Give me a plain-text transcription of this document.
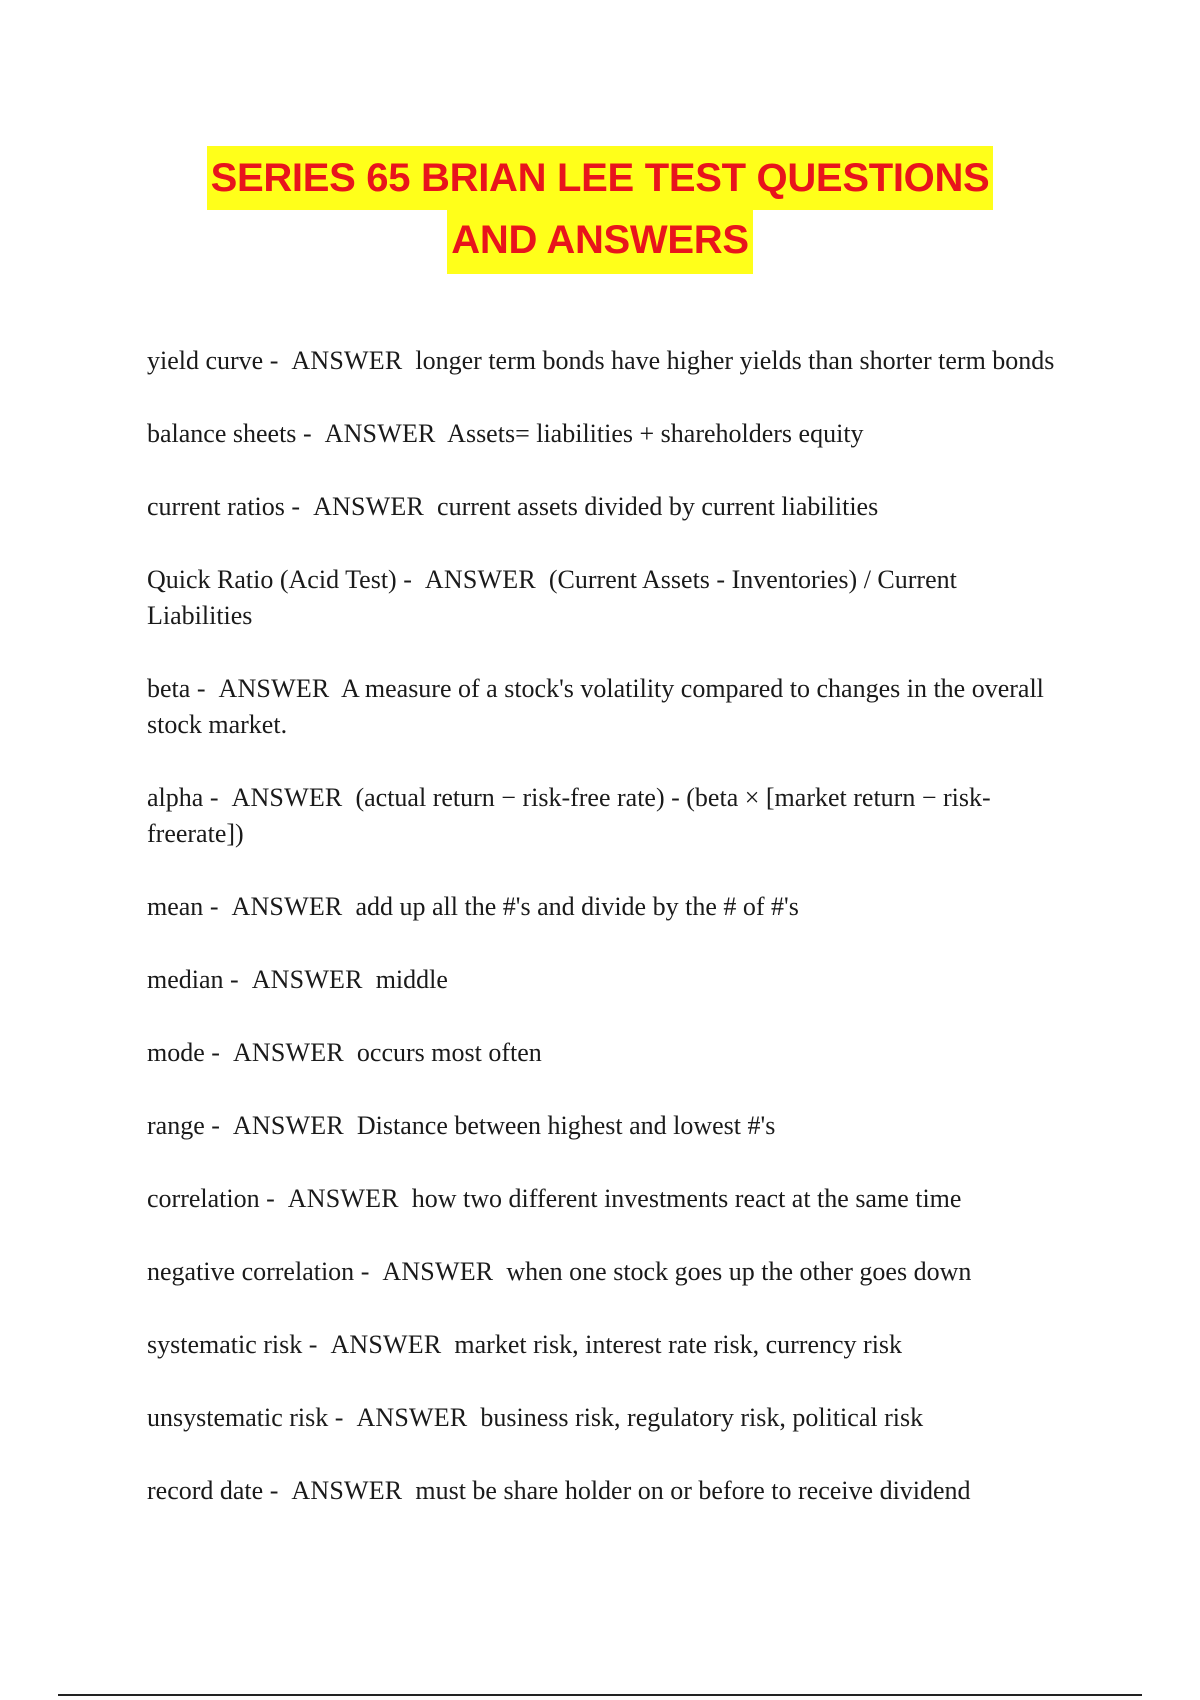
SERIES 65 BRIAN LEE TEST QUESTIONS
AND ANSWERS

yield curve -  ANSWER longer term bonds have higher yields than shorter term bonds

balance sheets -  ANSWER Assets= liabilities + shareholders equity

current ratios -  ANSWER current assets divided by current liabilities

Quick Ratio (Acid Test) -  ANSWER (Current Assets - Inventories) / Current Liabilities

beta -  ANSWER A measure of a stock's volatility compared to changes in the overall stock market.

alpha -  ANSWER (actual return − risk-free rate) - (beta × [market return − risk-freerate])

mean -  ANSWER add up all the #'s and divide by the # of #'s

median -  ANSWER middle

mode -  ANSWER occurs most often

range -  ANSWER Distance between highest and lowest #'s

correlation -  ANSWER how two different investments react at the same time

negative correlation -  ANSWER when one stock goes up the other goes down

systematic risk -  ANSWER market risk, interest rate risk, currency risk

unsystematic risk -  ANSWER business risk, regulatory risk, political risk

record date -  ANSWER must be share holder on or before to receive dividend
